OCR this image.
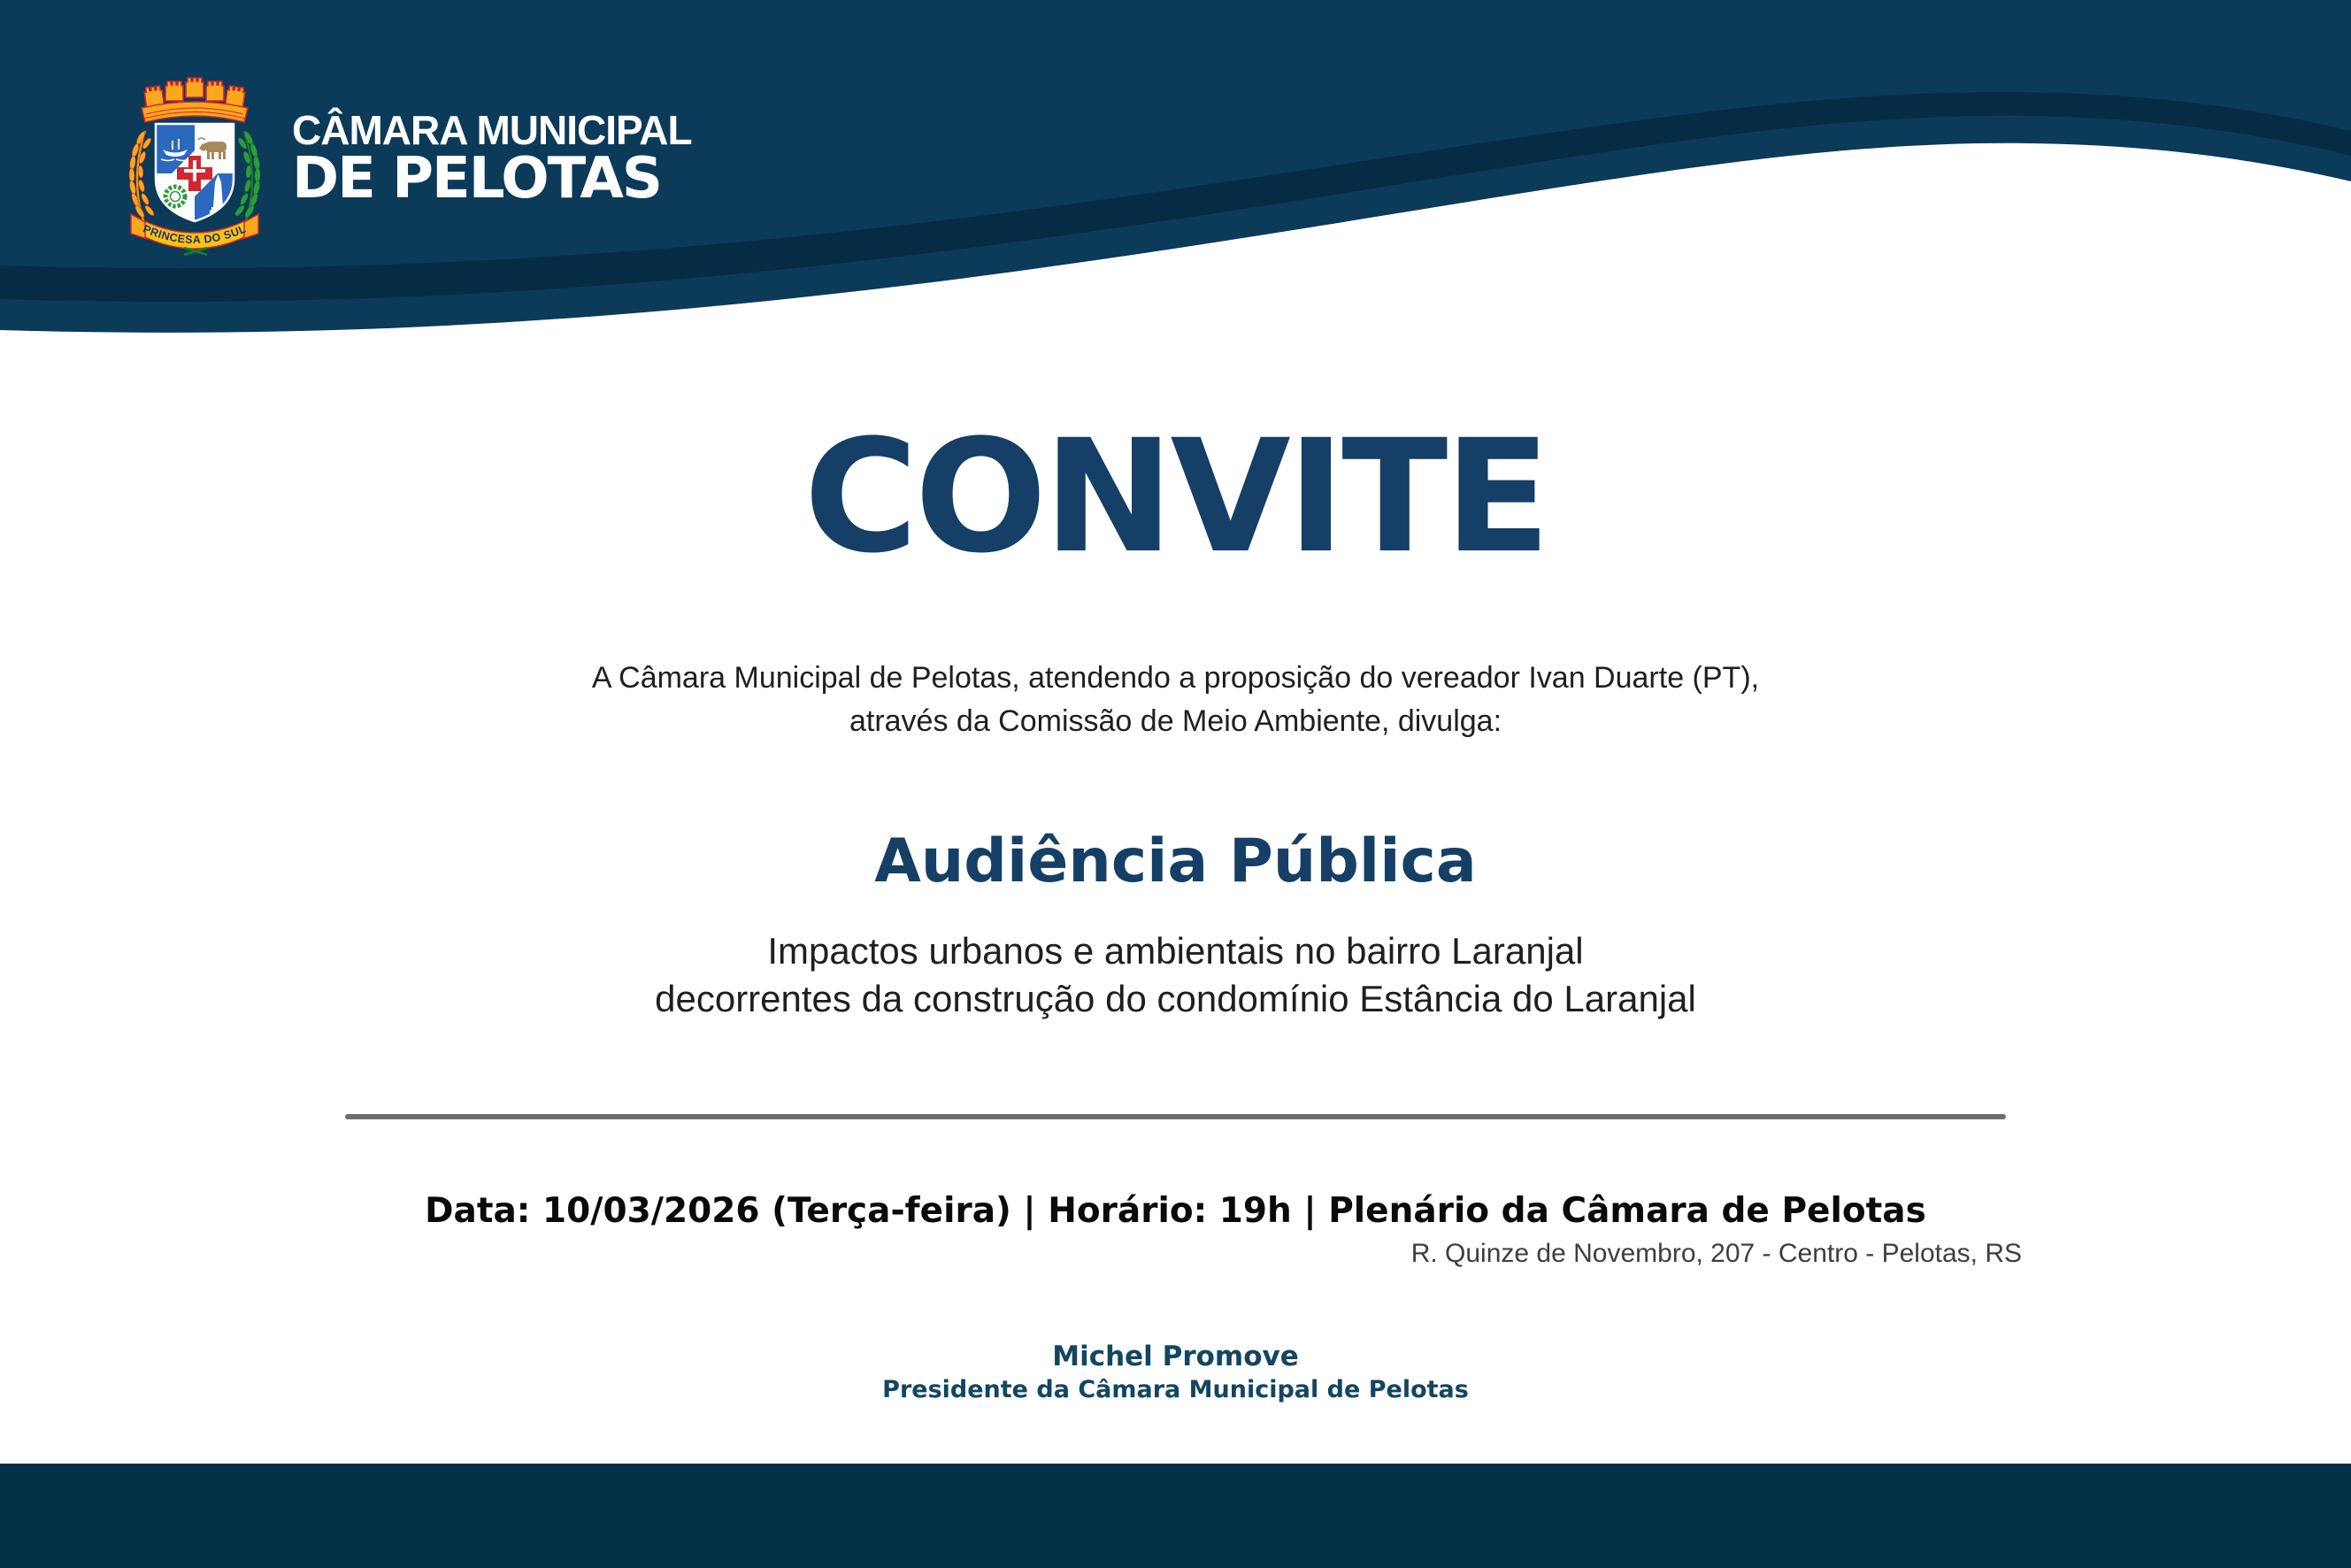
PRINCESA DO SUL
CÂMARA MUNICIPAL
DE PELOTAS
CONVITE

A Câmara Municipal de Pelotas, atendendo a proposição do vereador Ivan Duarte (PT),
através da Comissão de Meio Ambiente, divulga:

Audiência Pública

Impactos urbanos e ambientais no bairro Laranjal
decorrentes da construção do condomínio Estância do Laranjal

Data: 10/03/2026 (Terça-feira) | Horário: 19h | Plenário da Câmara de Pelotas

R. Quinze de Novembro, 207 - Centro - Pelotas, RS

Michel Promove

Presidente da Câmara Municipal de Pelotas
